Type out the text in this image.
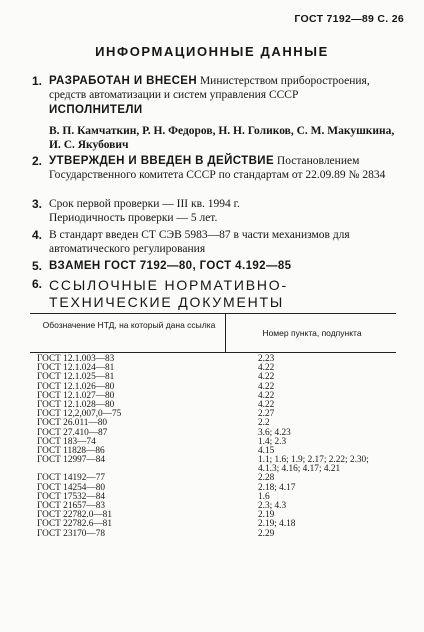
ГОСТ 7192—89 С. 26
ИНФОРМАЦИОННЫЕ ДАННЫЕ
1. РАЗРАБОТАН И ВНЕСЕН Министерством приборостроения, средств автоматизации и систем управления СССР
ИСПОЛНИТЕЛИ
В. П. Камчаткин, Р. Н. Федоров, Н. Н. Голиков, С. М. Макушкина, И. С. Якубович
2. УТВЕРЖДЕН И ВВЕДЕН В ДЕЙСТВИЕ Постановлением Государственного комитета СССР по стандартам от 22.09.89 № 2834
3. Срок первой проверки — III кв. 1994 г.
Периодичность проверки — 5 лет.
4. В стандарт введен СТ СЭВ 5983—87 в части механизмов для автоматического регулирования
5. ВЗАМЕН ГОСТ 7192—80, ГОСТ 4.192—85
6. ССЫЛОЧНЫЕ НОРМАТИВНО-ТЕХНИЧЕСКИЕ ДОКУМЕНТЫ
Обозначение НТД, на который дана ссылка
Номер пункта, подпункта
ГОСТ 12.1.003—83	2.23
ГОСТ 12.1.024—81	4.22
ГОСТ 12.1.025—81	4.22
ГОСТ 12.1.026—80	4.22
ГОСТ 12.1.027—80	4.22
ГОСТ 12.1.028—80	4.22
ГОСТ 12,2,007,0—75	2.27
ГОСТ 26.011—80	2.2
ГОСТ 27.410—87	3.6; 4.23
ГОСТ 183—74	1.4; 2.3
ГОСТ 11828—86	4.15
ГОСТ 12997—84	1.1; 1.6; 1.9; 2.17; 2.22; 2.30;
4.1.3; 4.16; 4.17; 4.21
ГОСТ 14192—77	2.28
ГОСТ 14254—80	2.18; 4.17
ГОСТ 17532—84	1.6
ГОСТ 21657—83	2.3; 4.3
ГОСТ 22782.0—81	2.19
ГОСТ 22782.6—81	2.19; 4.18
ГОСТ 23170—78	2.29
